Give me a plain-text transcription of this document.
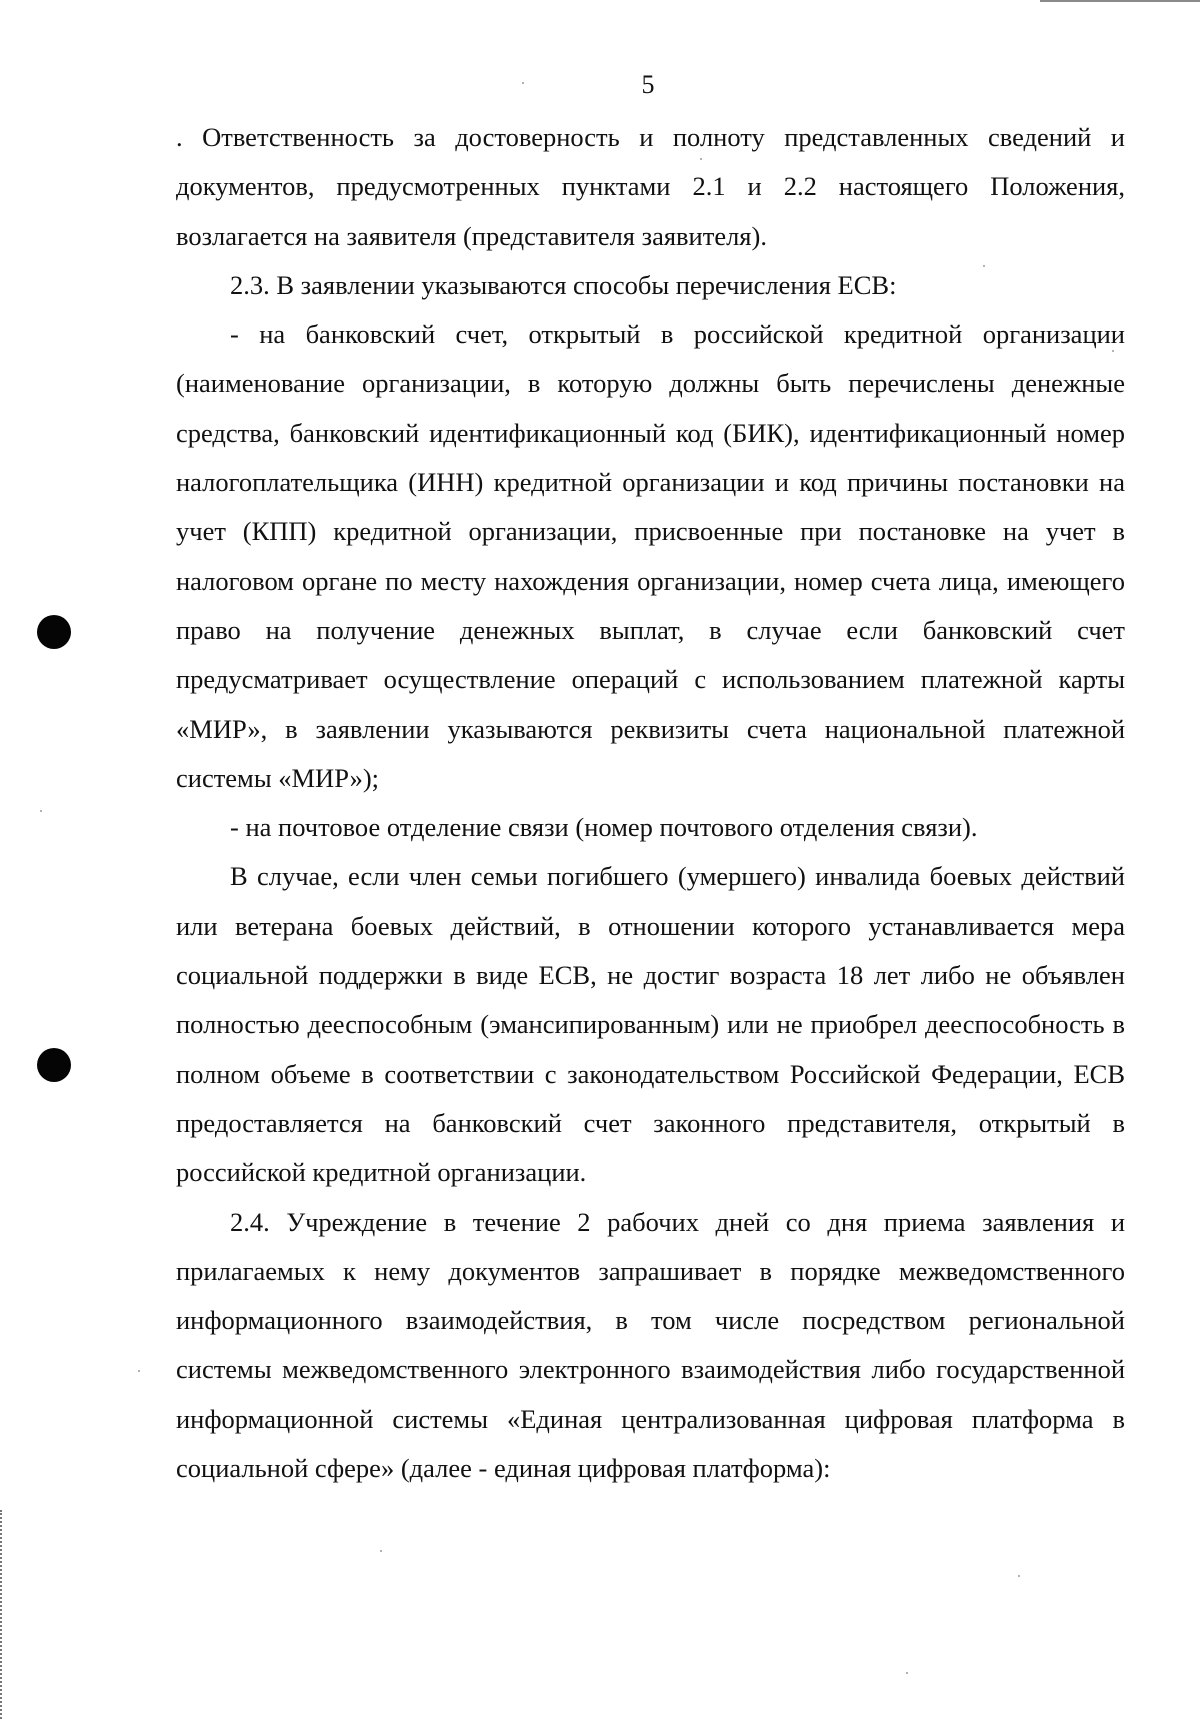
5

. Ответственность за достоверность и полноту представленных сведений и документов, предусмотренных пунктами 2.1 и 2.2 настоящего Положения, возлагается на заявителя (представителя заявителя).

2.3. В заявлении указываются способы перечисления ЕСВ:

- на банковский счет, открытый в российской кредитной организации (наименование организации, в которую должны быть перечислены денежные средства, банковский идентификационный код (БИК), идентификационный номер налогоплательщика (ИНН) кредитной организации и код причины постановки на учет (КПП) кредитной организации, присвоенные при постановке на учет в налоговом органе по месту нахождения организации, номер счета лица, имеющего право на получение денежных выплат, в случае если банковский счет предусматривает осуществление операций с использованием платежной карты «МИР», в заявлении указываются реквизиты счета национальной платежной системы «МИР»);

- на почтовое отделение связи (номер почтового отделения связи).

В случае, если член семьи погибшего (умершего) инвалида боевых действий или ветерана боевых действий, в отношении которого устанавливается мера социальной поддержки в виде ЕСВ, не достиг возраста 18 лет либо не объявлен полностью дееспособным (эмансипированным) или не приобрел дееспособность в полном объеме в соответствии с законодательством Российской Федерации, ЕСВ предоставляется на банковский счет законного представителя, открытый в российской кредитной организации.

2.4. Учреждение в течение 2 рабочих дней со дня приема заявления и прилагаемых к нему документов запрашивает в порядке межведомственного информационного взаимодействия, в том числе посредством региональной системы межведомственного электронного взаимодействия либо государственной информационной системы «Единая централизованная цифровая платформа в социальной сфере» (далее - единая цифровая платформа):
